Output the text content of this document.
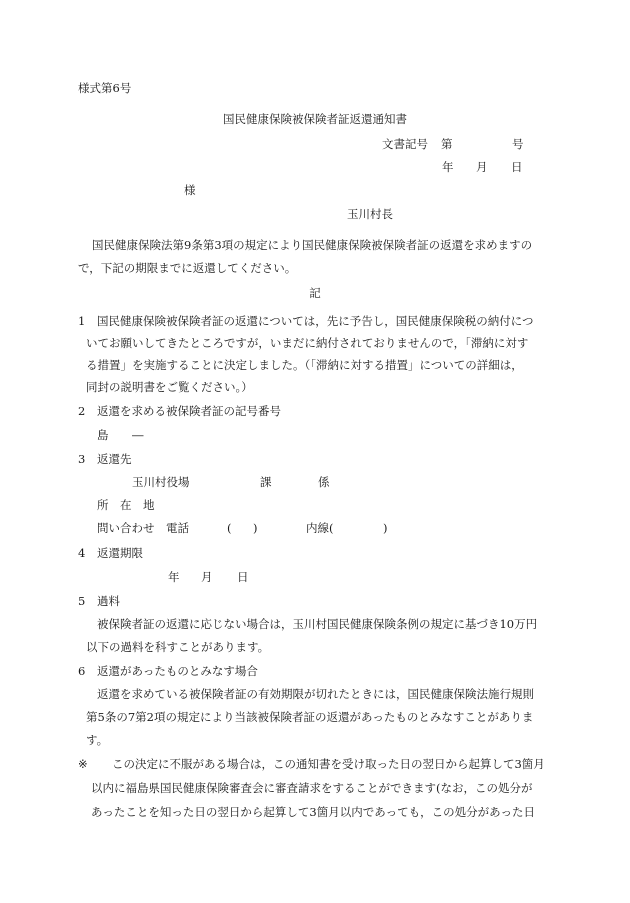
様式第6号
国民健康保険被保険者証返還通知書
文書記号 第	号
年 月 日
様
玉川村長
国民健康保険法第9条第3項の規定により国民健康保険被保険者証の返還を求めますの
で，下記の期限までに返還してください。
記
1 国民健康保険被保険者証の返還については，先に予告し，国民健康保険税の納付につ
いてお願いしてきたところですが，いまだに納付されておりませんので，「滞納に対す
る措置」を実施することに決定しました。（「滞納に対する措置」についての詳細は，
同封の説明書をご覧ください。）
2 返還を求める被保険者証の記号番号
島 ―
3 返還先
玉川村役場	課	係
所　在　地
問い合わせ 電話	( )	内線(	)
4 返還期限
年 月 日
5 過料
被保険者証の返還に応じない場合は，玉川村国民健康保険条例の規定に基づき10万円
以下の過料を科すことがあります。
6 返還があったものとみなす場合
返還を求めている被保険者証の有効期限が切れたときには，国民健康保険法施行規則
第5条の7第2項の規定により当該被保険者証の返還があったものとみなすことがありま
す。
※ この決定に不服がある場合は，この通知書を受け取った日の翌日から起算して3箇月
以内に福島県国民健康保険審査会に審査請求をすることができます(なお，この処分が
あったことを知った日の翌日から起算して3箇月以内であっても，この処分があった日
